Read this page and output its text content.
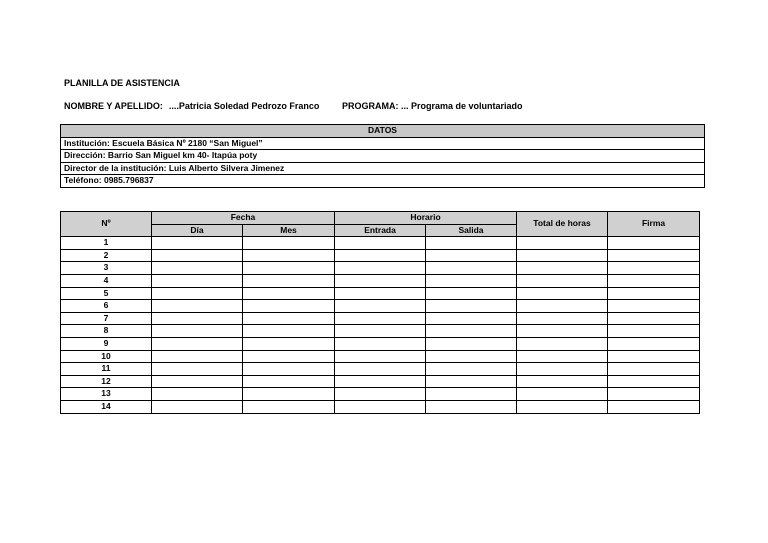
PLANILLA DE ASISTENCIA
NOMBRE Y APELLIDO: ....Patricia Soledad Pedrozo Franco	PROGRAMA: ... Programa de voluntariado
DATOS
Institución: Escuela Básica Nº 2180 “San Miguel”
Dirección: Barrio San Miguel km 40- Itapúa poty
Director de la institución: Luis Alberto Silvera Jimenez
Teléfono: 0985.796837
Nº	Fecha		Horario		Total de horas	Firma
	Día	Mes	Entrada	Salida		
1						
2						
3						
4						
5						
6						
7						
8						
9						
10						
11						
12						
13						
14						
